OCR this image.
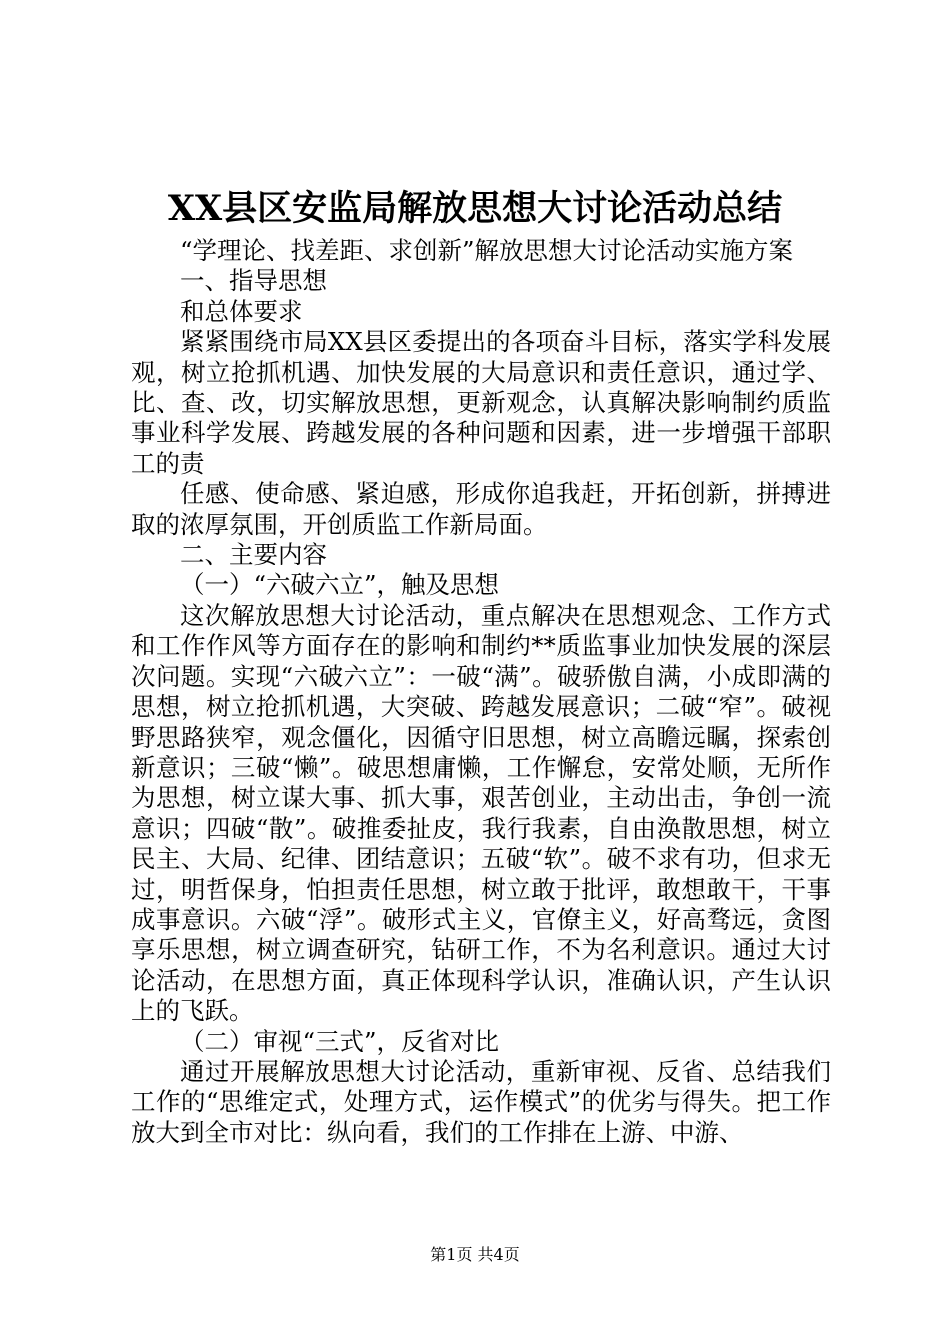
XX县区安监局解放思想大讨论活动总结

“学理论、找差距、求创新”解放思想大讨论活动实施方案

一、指导思想

和总体要求

紧紧围绕市局XX县区委提出的各项奋斗目标，落实学科发展观，树立抢抓机遇、加快发展的大局意识和责任意识，通过学、比、查、改，切实解放思想，更新观念，认真解决影响制约质监事业科学发展、跨越发展的各种问题和因素，进一步增强干部职工的责

任感、使命感、紧迫感，形成你追我赶，开拓创新，拼搏进取的浓厚氛围，开创质监工作新局面。

二、主要内容

（一）“六破六立”，触及思想

这次解放思想大讨论活动，重点解决在思想观念、工作方式和工作作风等方面存在的影响和制约**质监事业加快发展的深层次问题。实现“六破六立”：一破“满”。破骄傲自满，小成即满的思想，树立抢抓机遇，大突破、跨越发展意识；二破“窄”。破视野思路狭窄，观念僵化，因循守旧思想，树立高瞻远瞩，探索创新意识；三破“懒”。破思想庸懒，工作懈怠，安常处顺，无所作为思想，树立谋大事、抓大事，艰苦创业，主动出击，争创一流意识；四破“散”。破推委扯皮，我行我素，自由涣散思想，树立民主、大局、纪律、团结意识；五破“软”。破不求有功，但求无过，明哲保身，怕担责任思想，树立敢于批评，敢想敢干，干事成事意识。六破“浮”。破形式主义，官僚主义，好高骛远，贪图享乐思想，树立调查研究，钻研工作，不为名利意识。通过大讨论活动，在思想方面，真正体现科学认识，准确认识，产生认识上的飞跃。

（二）审视“三式”，反省对比

通过开展解放思想大讨论活动，重新审视、反省、总结我们工作的“思维定式，处理方式，运作模式”的优劣与得失。把工作放大到全市对比：纵向看，我们的工作排在上游、中游、

第1页 共4页
